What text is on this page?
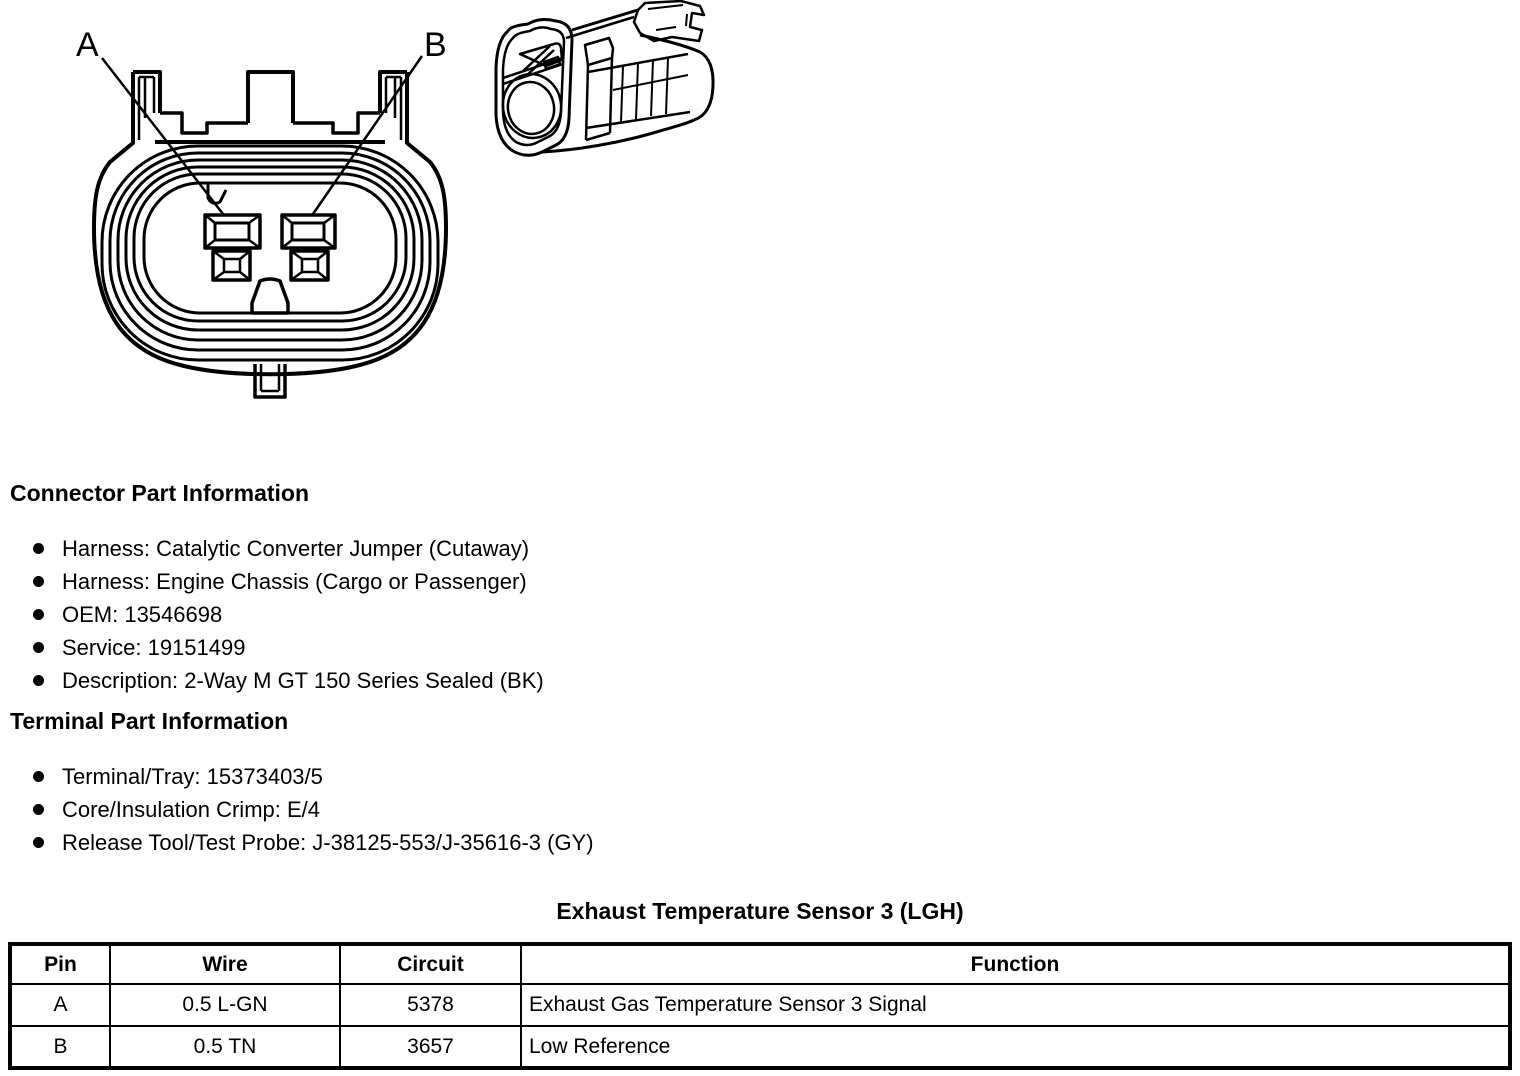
A	B
Connector Part Information
Harness: Catalytic Converter Jumper (Cutaway)
Harness: Engine Chassis (Cargo or Passenger)
OEM: 13546698
Service: 19151499
Description: 2-Way M GT 150 Series Sealed (BK)
Terminal Part Information
Terminal/Tray: 15373403/5
Core/Insulation Crimp: E/4
Release Tool/Test Probe: J-38125-553/J-35616-3 (GY)
Exhaust Temperature Sensor 3 (LGH)
Pin	Wire	Circuit	Function
A	0.5 L-GN	5378	Exhaust Gas Temperature Sensor 3 Signal
B	0.5 TN	3657	Low Reference
